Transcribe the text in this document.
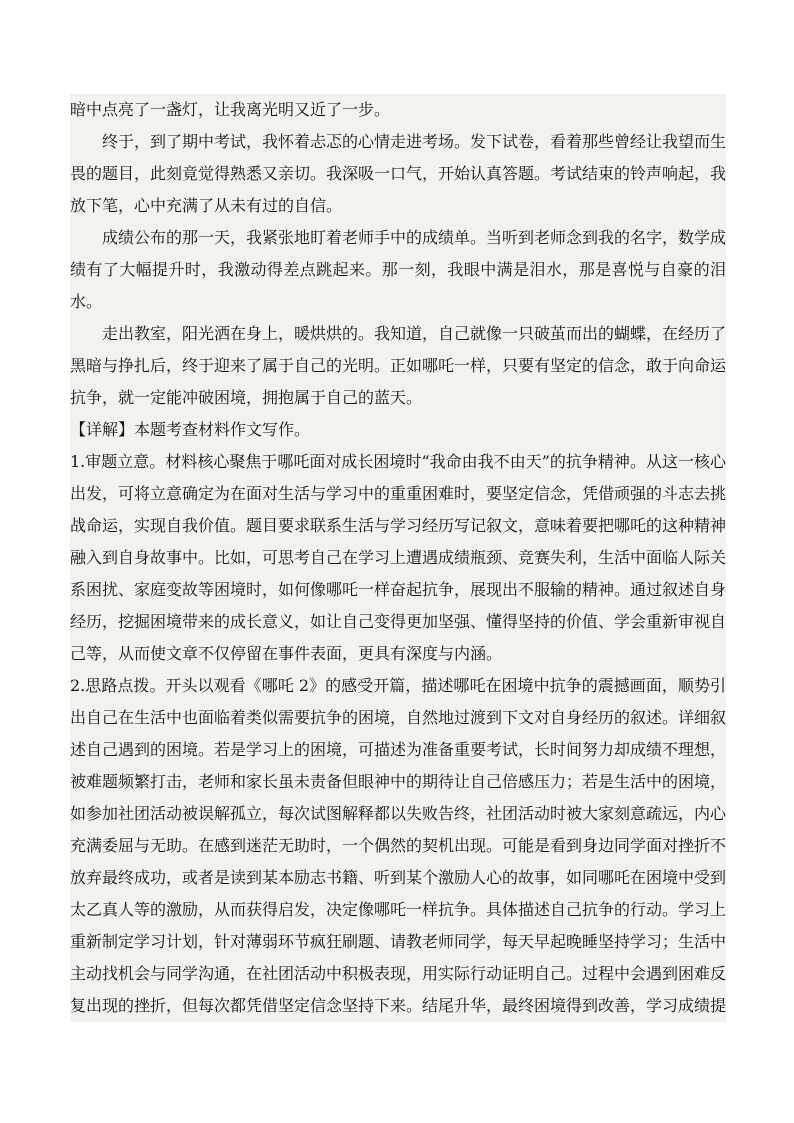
暗中点亮了一盏灯，让我离光明又近了一步。

终于，到了期中考试，我怀着忐忑的心情走进考场。发下试卷，看着那些曾经让我望而生畏的题目，此刻竟觉得熟悉又亲切。我深吸一口气，开始认真答题。考试结束的铃声响起，我放下笔，心中充满了从未有过的自信。

成绩公布的那一天，我紧张地盯着老师手中的成绩单。当听到老师念到我的名字，数学成绩有了大幅提升时，我激动得差点跳起来。那一刻，我眼中满是泪水，那是喜悦与自豪的泪水。

走出教室，阳光洒在身上，暖烘烘的。我知道，自己就像一只破茧而出的蝴蝶，在经历了黑暗与挣扎后，终于迎来了属于自己的光明。正如哪吒一样，只要有坚定的信念，敢于向命运抗争，就一定能冲破困境，拥抱属于自己的蓝天。

【详解】本题考查材料作文写作。

1.审题立意。材料核心聚焦于哪吒面对成长困境时“我命由我不由天”的抗争精神。从这一核心出发，可将立意确定为在面对生活与学习中的重重困难时，要坚定信念，凭借顽强的斗志去挑战命运，实现自我价值。题目要求联系生活与学习经历写记叙文，意味着要把哪吒的这种精神融入到自身故事中。比如，可思考自己在学习上遭遇成绩瓶颈、竞赛失利，生活中面临人际关系困扰、家庭变故等困境时，如何像哪吒一样奋起抗争，展现出不服输的精神。通过叙述自身经历，挖掘困境带来的成长意义，如让自己变得更加坚强、懂得坚持的价值、学会重新审视自己等，从而使文章不仅停留在事件表面，更具有深度与内涵。

2.思路点拨。开头以观看《哪吒 2》的感受开篇，描述哪吒在困境中抗争的震撼画面，顺势引出自己在生活中也面临着类似需要抗争的困境，自然地过渡到下文对自身经历的叙述。详细叙述自己遇到的困境。若是学习上的困境，可描述为准备重要考试，长时间努力却成绩不理想，被难题频繁打击，老师和家长虽未责备但眼神中的期待让自己倍感压力；若是生活中的困境，如参加社团活动被误解孤立，每次试图解释都以失败告终，社团活动时被大家刻意疏远，内心充满委屈与无助。在感到迷茫无助时，一个偶然的契机出现。可能是看到身边同学面对挫折不放弃最终成功，或者是读到某本励志书籍、听到某个激励人心的故事，如同哪吒在困境中受到太乙真人等的激励，从而获得启发，决定像哪吒一样抗争。具体描述自己抗争的行动。学习上重新制定学习计划，针对薄弱环节疯狂刷题、请教老师同学，每天早起晚睡坚持学习；生活中主动找机会与同学沟通，在社团活动中积极表现，用实际行动证明自己。过程中会遇到困难反复出现的挫折，但每次都凭借坚定信念坚持下来。结尾升华，最终困境得到改善，学习成绩提
